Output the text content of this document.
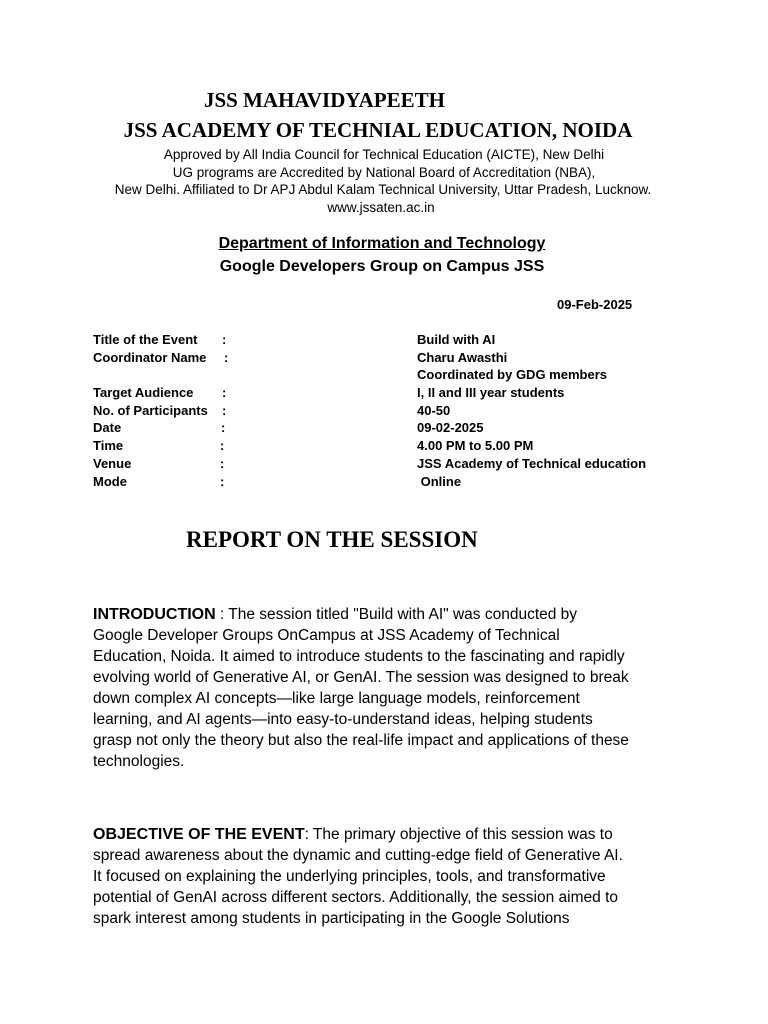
JSS MAHAVIDYAPEETH
JSS ACADEMY OF TECHNIAL EDUCATION, NOIDA
Approved by All India Council for Technical Education (AICTE), New Delhi
UG programs are Accredited by National Board of Accreditation (NBA),
New Delhi. Affiliated to Dr APJ Abdul Kalam Technical University, Uttar Pradesh, Lucknow.
www.jssaten.ac.in
Department of Information and Technology
Google Developers Group on Campus JSS
09-Feb-2025
Title of the Event :	Build with AI
Coordinator Name :	Charu Awasthi
Coordinated by GDG members
Target Audience :	I, II and III year students
No. of Participants :	40-50
Date	:	09-02-2025
Time	:	4.00 PM to 5.00 PM
Venue	:	JSS Academy of Technical education
Mode	:	Online
REPORT ON THE SESSION
INTRODUCTION : The session titled "Build with AI" was conducted by
Google Developer Groups OnCampus at JSS Academy of Technical
Education, Noida. It aimed to introduce students to the fascinating and rapidly
evolving world of Generative AI, or GenAI. The session was designed to break
down complex AI concepts—like large language models, reinforcement
learning, and AI agents—into easy-to-understand ideas, helping students
grasp not only the theory but also the real-life impact and applications of these
technologies.
OBJECTIVE OF THE EVENT: The primary objective of this session was to
spread awareness about the dynamic and cutting-edge field of Generative AI.
It focused on explaining the underlying principles, tools, and transformative
potential of GenAI across different sectors. Additionally, the session aimed to
spark interest among students in participating in the Google Solutions
